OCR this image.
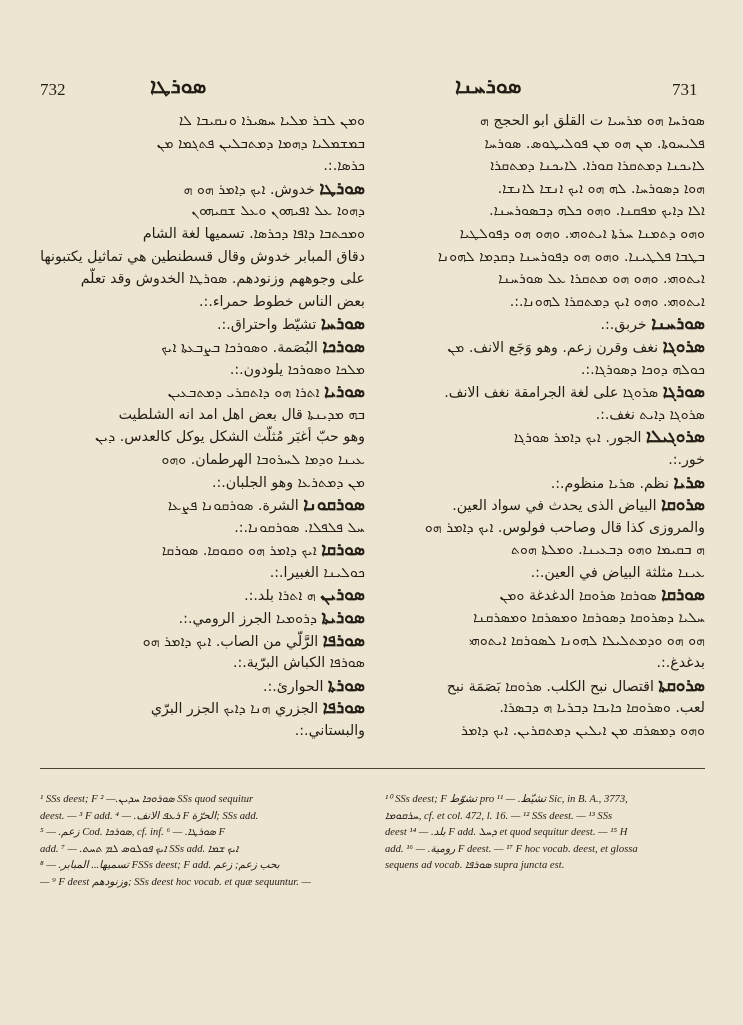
732	ܣܘܪܛܐ	731
ܣܘܪܚܢܐ
ܘܡܢ ܠܒܪ ܡܠܝܐ ܚܣܝܪܐ ܘܢܩܝܒܐ ܠܐ
ܒܡܫܡܠܝܐ ܕܗܡܐ ܕܡܬܒܠܝܢ ܦܬܓܡܐ ܡܢ
ܟܪܣܐ.:.
ܣܘܪܛܐ خدوش. ܐܝܟ ܕܐܡܪ ܗܘ ܗ
ܕܗܘܐ ܥܠ ܐܦܝܗܘܢ ܘܥܠ ܫܩܝܗܘܢ
ܘܡܟܬܒܐ ܕܐܦܐ ܕܟܪܣܐ. تسميها لغة الشام
دقاق المبابر خدوش وقال قسطنطين هي تماثيل يكتبونها
على وجوههم وزنودهم. ܣܘܪܛܐ الخدوش وقد تعلّم
بعض الناس خطوط حمراء.:.
ܣܘܪܚܐ تشيّط واحتراق.:.
ܣܘܪܟܐ البُصَمة. ܘܣܘܪܟܐ ܒܨܒܥܬܐ ܐܝܟ
ܡܠܟܐ ܘܣܘܪܟܐ يلودون.:.
ܣܘܪܝܐ ܐܬܪܐ ܗܘ ܕܐܬܩܪܝ ܕܡܬܒܥܝܢ
ܒܗ ܡܕܝܢܬܐ قال بعض اهل امد انه الشلطيت
وهو حبّ أغبَر مُثلَّث الشكل يوكل كالعدس. ܕܝܢ
ܥܝܢܐ ܘܕܡܐ ܠܚܪܘܒܐ الهرطمان. ܘܗܘ
ܡܢ ܕܡܬܪܥܐ وهو الجلبان.:.
ܣܘܪܩܘܢܐ الشرة. ܣܘܪܩܘܢܐ ܦܨܥܐ
ܚܠ ܦܠܦܠܐ. ܣܘܪܩܘܢܐ.:.
ܣܘܪܩܐ ܐܝܟ ܕܐܡܪ ܗܘ ܘܩܘܩܐ. ܣܘܪܩܐ
ܟܘܠܝܢܐ الغبيرا.:.
ܣܘܪܝܢ ܗ ܐܬܪܐ بلد.:.
ܣܘܪܝܬܐ ܕܪܘܡܝܐ الجرز الرومي.:.
ܣܘܪܦܐ الرَّلّي من الصاب. ܐܝܟ ܕܐܡܪ ܗܘ
ܣܘܪܦܐ الكباش البرّية.:.
ܣܘܪܬܐ الحوارئ.:.
ܣܘܪܦܐ الجزري ܗܢܐ ܕܐܝܟ الجزر البرّي
والبستاني.:.
ܣܘܪܚܐ ܗܘ ܡܪܚܝܐ ت القلق ابو الحجج ܗ
ܦܠܝܚܘܬܐ. ܡܢ ܗܘ ܡܢ ܦܘܠܝܛܘܣ. ܣܘܪܚܐ
ܠܐܝܟܢܐ ܕܡܬܩܪܐ ܩܘܪܐ. ܠܐܝܟܢܐ ܕܡܬܩܪܐ
ܗܘܐ ܕܣܘܪܚܐ. ܠܗ ܗܘ ܐܝܟ ܐܢܫܐ ܠܐܢܫܐ.
ܐܠܐ ܕܐܝܟ ܡܦܩܢܐ. ܘܗܘ ܟܠܗ ܕܒܣܘܪܚܢܐ.
ܘܗܘ ܕܬܡܢܐ ܚܪܬܐ ܐܝܬܘܗܝ. ܘܗܘ ܗܘ ܕܦܘܠܛܝܐ
ܒܛܒܐ ܦܠܛܝܢܐ. ܘܗܘ ܗܘ ܕܦܘܪܚܢܐ ܕܩܕܡܐ ܠܗܘܢܐ
ܐܝܬܘܗܝ. ܘܗܘ ܗܘ ܡܬܩܪܐ ܥܠ ܣܘܪܚܢܐ
ܐܝܬܘܗܝ. ܘܗܘ ܐܝܟ ܕܡܬܩܪܐ ܠܗܘܢܐ.:.
ܣܘܪܚܢܐ خربق.:.
ܣܪܘܓܐ نغف وقرن زعم. وهو وَجَع الانف. ܡܢ
ܟܘܠܗ ܕܘܟܐ ܕܣܘܪܓܐ.:.
ܣܘܪܓܐ ܣܪܘܓܐ على لغة الجرامقة نغف الانف.
ܣܪܘܓܐ ܕܐܝܬ نغف.:.
ܣܪܘܓܝܠܐ الجور. ܐܝܟ ܕܐܡܪ ܣܘܪܓܐ
خور.:.
ܣܪܝܐ نظم. ܣܪܝܐ منظوم.:.
ܣܪܘܩܐ البياض الذى يحدث في سواد العين.
والمروزى كذا قال وصاحب فولوس. ܐܝܟ ܕܐܡܪ ܗܘ
ܗ ܒܩܝܡܐ ܘܗܘ ܕܒܥܝܢܐ. ܘܡܠܬܐ ܗܘܬ
ܥܝܢܐ مثلثة البياض في العين.:.
ܣܘܪܩܐ ܣܘܪܩܐ ܣܪܘܩܐ الدغدغة ܘܡܢ
ܚܠܝܐ ܕܣܪܘܩܐ ܕܣܘܪܩܐ ܘܡܣܪܩܐ ܘܡܣܪܩܢܐ
ܗܘ ܗܘ ܘܕܡܬܠܝܠܐ ܠܗܘܢܐ ܠܣܘܪܩܐ ܐܝܬܘܗܝ
بدغدغ.:.
ܣܪܘܩܬܐ اقتصال نبح الكلب. ܣܪܘܩܐ بَصَمَة نبح
لعب. ܘܣܪܘܩܐ ܟܐܝܒܐ ܕܒܪܝܐ ܗ ܕܒܣܪܐ.
ܘܗܘ ܕܡܣܪܩ ܡܢ ܐܝܠܝܢ ܕܡܬܩܪܝܢ. ܐܝܟ ܕܐܡܪ

¹ SSs deest; F ܣܘܪܘܟܐ ܚܕܝܢ.— ² SSs quod sequitur

deest. — ³ F add. ܪܥܦ الانف. — ⁴ F الحرّة; SSs add.

زعم. — ⁵ Cod. ܣܘܪܟܐ, cf. inf. ܣܘܪܛܐ. — ⁶ F

add. ܐܝܟ ܦܘܠܘܣ ܠܡ ܬܚܬ. — ⁷ SSs add. ܐܝܟ ܫܡܐ

تسميها... المبابر. — ⁸ FSSs deest; F add. بحب زعم; زعم

— ⁹ F deest وزنودهم; SSs deest hoc vocab. et quæ sequuntur. —

¹⁰ SSs deest; F تشوّط pro تشيّط. — ¹¹ Sic, in B. A., 3773,

ܚܪܩܘܡܐ, cf. et col. 472, l. 16. — ¹² SSs deest. — ¹³ SSs

deest بلد. — ¹⁴ F add. ܕܚܠ et quod sequitur deest. — ¹⁵ H

add. رومية. — ¹⁶ F deest. — ¹⁷ F hoc vocab. deest, et glossa

sequens ad vocab. ܣܘܪܦܐ supra juncta est.
